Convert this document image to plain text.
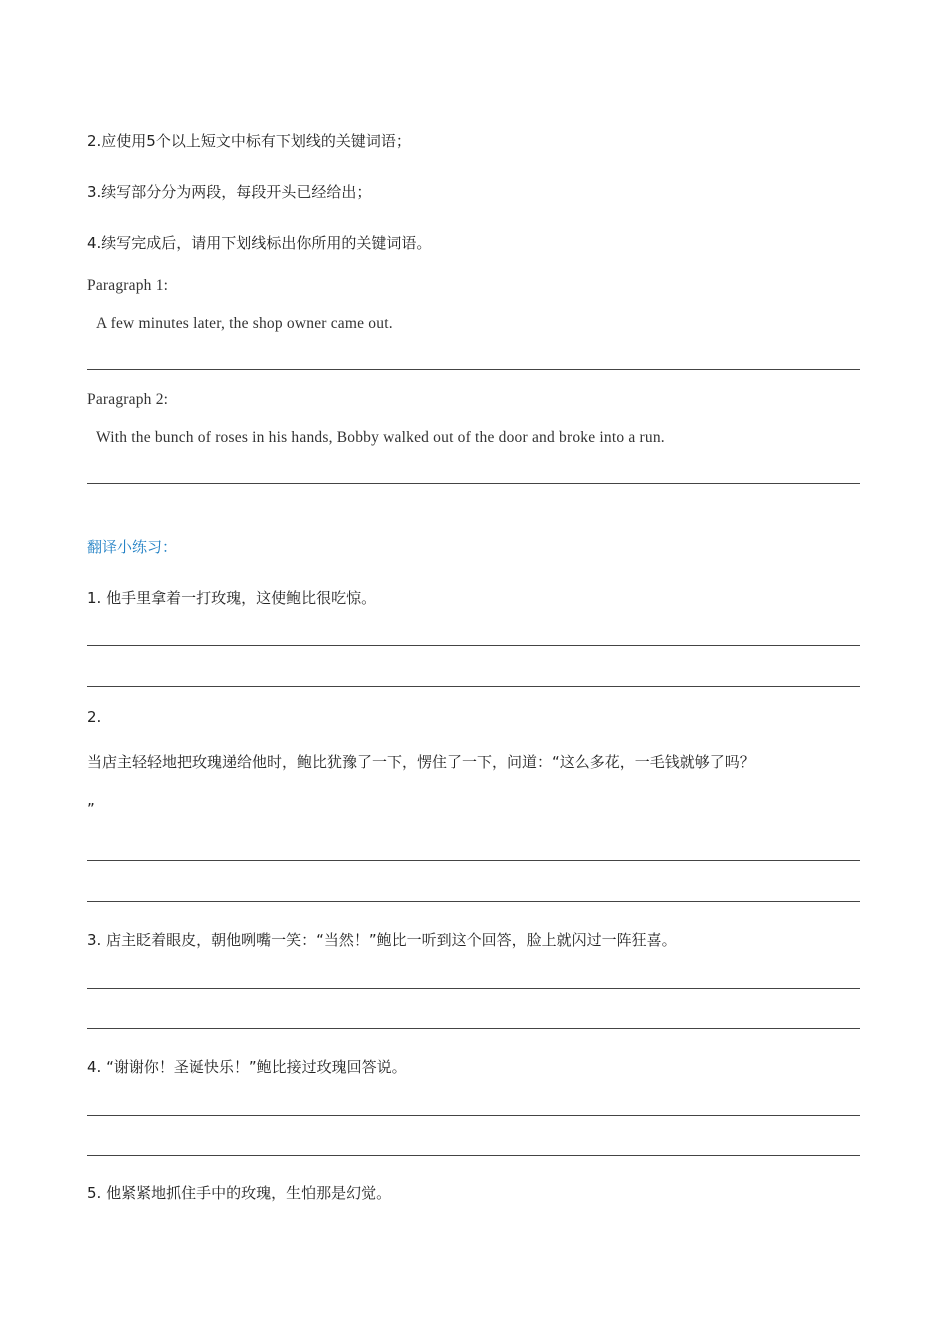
2.应使用5个以上短文中标有下划线的关键词语；
3.续写部分分为两段，每段开头已经给出；
4.续写完成后，请用下划线标出你所用的关键词语。
Paragraph 1:
A few minutes later, the shop owner came out.
Paragraph 2:
With the bunch of roses in his hands, Bobby walked out of the door and broke into a run.
翻译小练习：
1. 他手里拿着一打玫瑰，这使鲍比很吃惊。
2.
当店主轻轻地把玫瑰递给他时，鲍比犹豫了一下，愣住了一下，问道：“这么多花，一毛钱就够了吗？
”
3. 店主眨着眼皮，朝他咧嘴一笑：“当然！”鲍比一听到这个回答，脸上就闪过一阵狂喜。
4. “谢谢你！圣诞快乐！”鲍比接过玫瑰回答说。
5. 他紧紧地抓住手中的玫瑰，生怕那是幻觉。
